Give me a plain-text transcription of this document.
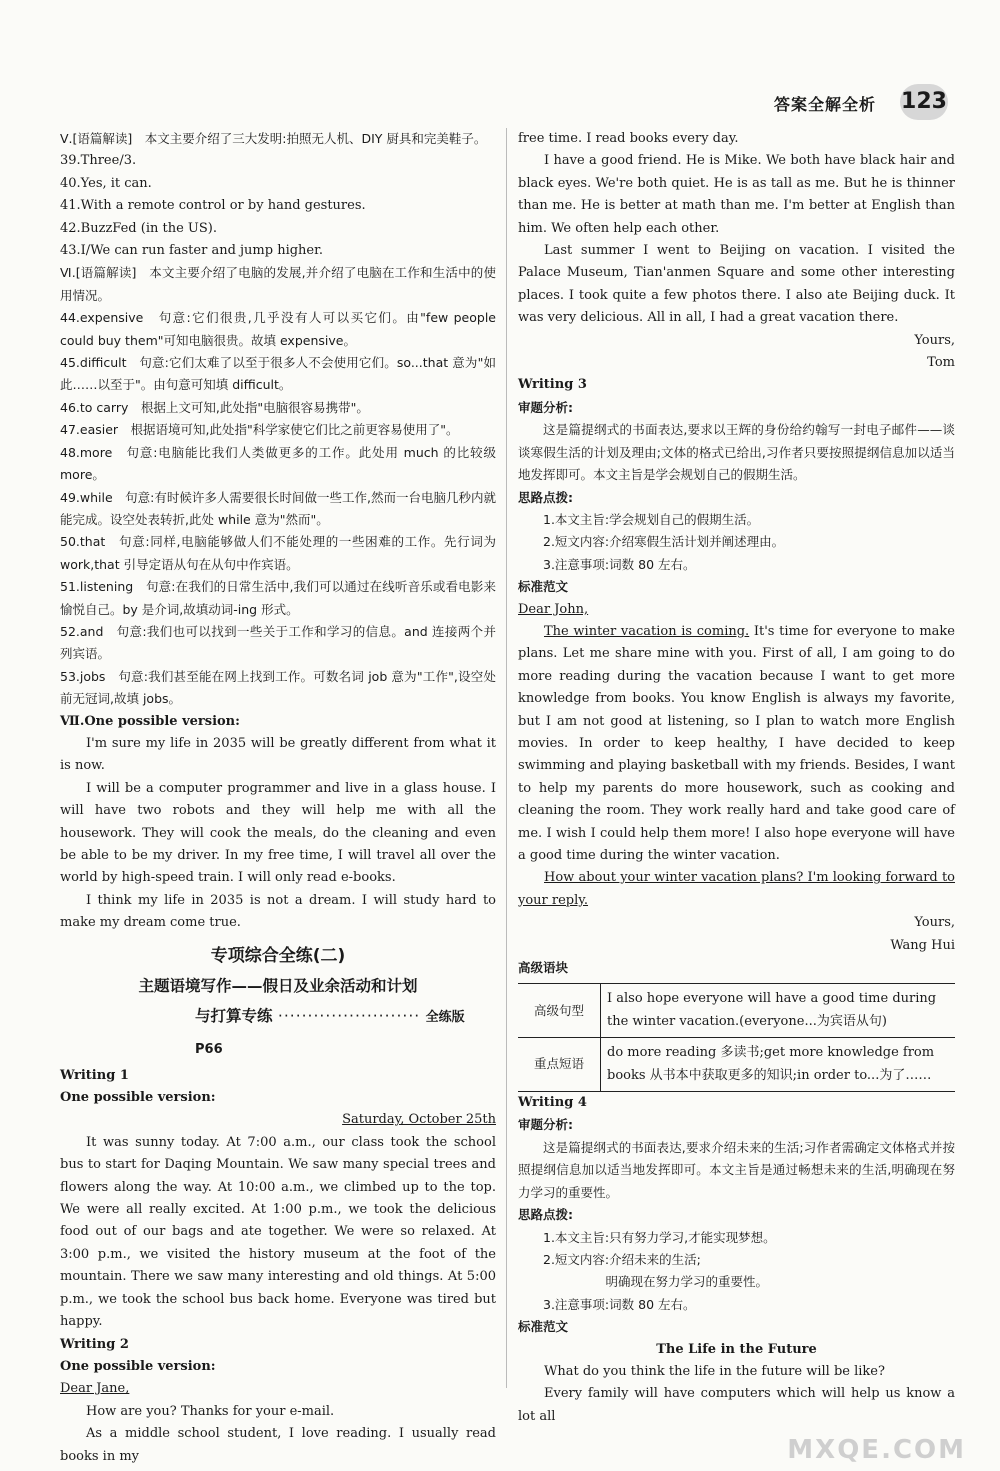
答案全解全析 123

Ⅴ.[语篇解读]　本文主要介绍了三大发明:拍照无人机、DIY 厨具和完美鞋子。

39.Three/3.

40.Yes, it can.

41.With a remote control or by hand gestures.

42.BuzzFed (in the US).

43.I/We can run faster and jump higher.

Ⅵ.[语篇解读]　本文主要介绍了电脑的发展,并介绍了电脑在工作和生活中的使用情况。

44.expensive　句意:它们很贵,几乎没有人可以买它们。由"few people could buy them"可知电脑很贵。故填 expensive。

45.difficult　句意:它们太难了以至于很多人不会使用它们。so...that 意为"如此……以至于"。由句意可知填 difficult。

46.to carry　根据上文可知,此处指"电脑很容易携带"。

47.easier　根据语境可知,此处指"科学家使它们比之前更容易使用了"。

48.more　句意:电脑能比我们人类做更多的工作。此处用 much 的比较级 more。

49.while　句意:有时候许多人需要很长时间做一些工作,然而一台电脑几秒内就能完成。设空处表转折,此处 while 意为"然而"。

50.that　句意:同样,电脑能够做人们不能处理的一些困难的工作。先行词为 work,that 引导定语从句在从句中作宾语。

51.listening　句意:在我们的日常生活中,我们可以通过在线听音乐或看电影来愉悦自己。by 是介词,故填动词-ing 形式。

52.and　句意:我们也可以找到一些关于工作和学习的信息。and 连接两个并列宾语。

53.jobs　句意:我们甚至能在网上找到工作。可数名词 job 意为"工作",设空处前无冠词,故填 jobs。

Ⅶ.One possible version:

I'm sure my life in 2035 will be greatly different from what it is now.

I will be a computer programmer and live in a glass house. I will have two robots and they will help me with all the housework. They will cook the meals, do the cleaning and even be able to be my driver. In my free time, I will travel all over the world by high-speed train. I will only read e-books.

I think my life in 2035 is not a dream. I will study hard to make my dream come true.

专项综合全练(二)
主题语境写作——假日及业余活动和计划
与打算专练 ························ 全练版 P66

Writing 1

One possible version:

Saturday, October 25th

It was sunny today. At 7:00 a.m., our class took the school bus to start for Daqing Mountain. We saw many special trees and flowers along the way. At 10:00 a.m., we climbed up to the top. We were all really excited. At 1:00 p.m., we took the delicious food out of our bags and ate together. We were so relaxed. At 3:00 p.m., we visited the history museum at the foot of the mountain. There we saw many interesting and old things. At 5:00 p.m., we took the school bus back home. Everyone was tired but happy.

Writing 2

One possible version:

Dear Jane,

How are you? Thanks for your e-mail.

As a middle school student, I love reading. I usually read books in my

free time. I read books every day.

I have a good friend. He is Mike. We both have black hair and black eyes. We're both quiet. He is as tall as me. But he is thinner than me. He is better at math than me. I'm better at English than him. We often help each other.

Last summer I went to Beijing on vacation. I visited the Palace Museum, Tian'anmen Square and some other interesting places. I took quite a few photos there. I also ate Beijing duck. It was very delicious. All in all, I had a great vacation there.

Yours,

Tom

Writing 3

审题分析:

这是篇提纲式的书面表达,要求以王辉的身份给约翰写一封电子邮件——谈谈寒假生活的计划及理由;文体的格式已给出,习作者只要按照提纲信息加以适当地发挥即可。本文主旨是学会规划自己的假期生活。

思路点拨:

1.本文主旨:学会规划自己的假期生活。

2.短文内容:介绍寒假生活计划并阐述理由。

3.注意事项:词数 80 左右。

标准范文

Dear John,

The winter vacation is coming. It's time for everyone to make plans. Let me share mine with you. First of all, I am going to do more reading during the vacation because I want to get more knowledge from books. You know English is always my favorite, but I am not good at listening, so I plan to watch more English movies. In order to keep healthy, I have decided to keep swimming and playing basketball with my friends. Besides, I want to help my parents do more housework, such as cooking and cleaning the room. They work really hard and take good care of me. I wish I could help them more! I also hope everyone will have a good time during the winter vacation.

How about your winter vacation plans? I'm looking forward to your reply.

Yours,

Wang Hui

高级语块

高级句型	I also hope everyone will have a good time during the winter vacation.(everyone...为宾语从句)
重点短语	do more reading 多读书;get more knowledge from books 从书本中获取更多的知识;in order to...为了……

Writing 4

审题分析:

这是篇提纲式的书面表达,要求介绍未来的生活;习作者需确定文体格式并按照提纲信息加以适当地发挥即可。本文主旨是通过畅想未来的生活,明确现在努力学习的重要性。

思路点拨:

1.本文主旨:只有努力学习,才能实现梦想。

2.短文内容:介绍未来的生活;

明确现在努力学习的重要性。

3.注意事项:词数 80 左右。

标准范文

The Life in the Future

What do you think the life in the future will be like?

Every family will have computers which will help us know a lot all

MXQE.COM
